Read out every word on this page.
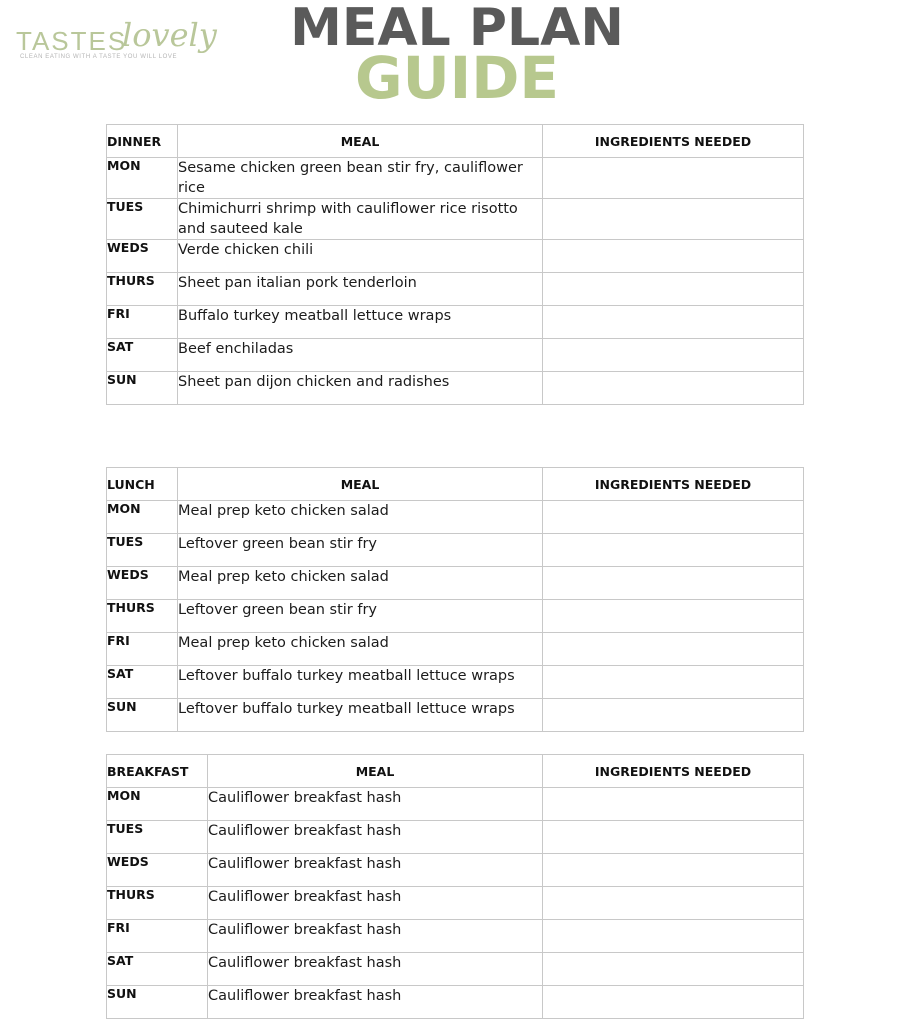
TASTES
lovely
CLEAN EATING WITH A TASTE YOU WILL LOVE	MEAL PLAN
GUIDE
DINNER	MEAL	INGREDIENTS NEEDED
MON	Sesame chicken green bean stir fry, cauliflower rice	
TUES	Chimichurri shrimp with cauliflower rice risotto and sauteed kale	
WEDS	Verde chicken chili	
THURS	Sheet pan italian pork tenderloin	
FRI	Buffalo turkey meatball lettuce wraps	
SAT	Beef enchiladas	
SUN	Sheet pan dijon chicken and radishes	
LUNCH	MEAL	INGREDIENTS NEEDED
MON	Meal prep keto chicken salad	
TUES	Leftover green bean stir fry	
WEDS	Meal prep keto chicken salad	
THURS	Leftover green bean stir fry	
FRI	Meal prep keto chicken salad	
SAT	Leftover buffalo turkey meatball lettuce wraps	
SUN	Leftover buffalo turkey meatball lettuce wraps	
BREAKFAST	MEAL	INGREDIENTS NEEDED
MON	Cauliflower breakfast hash	
TUES	Cauliflower breakfast hash	
WEDS	Cauliflower breakfast hash	
THURS	Cauliflower breakfast hash	
FRI	Cauliflower breakfast hash	
SAT	Cauliflower breakfast hash	
SUN	Cauliflower breakfast hash	
